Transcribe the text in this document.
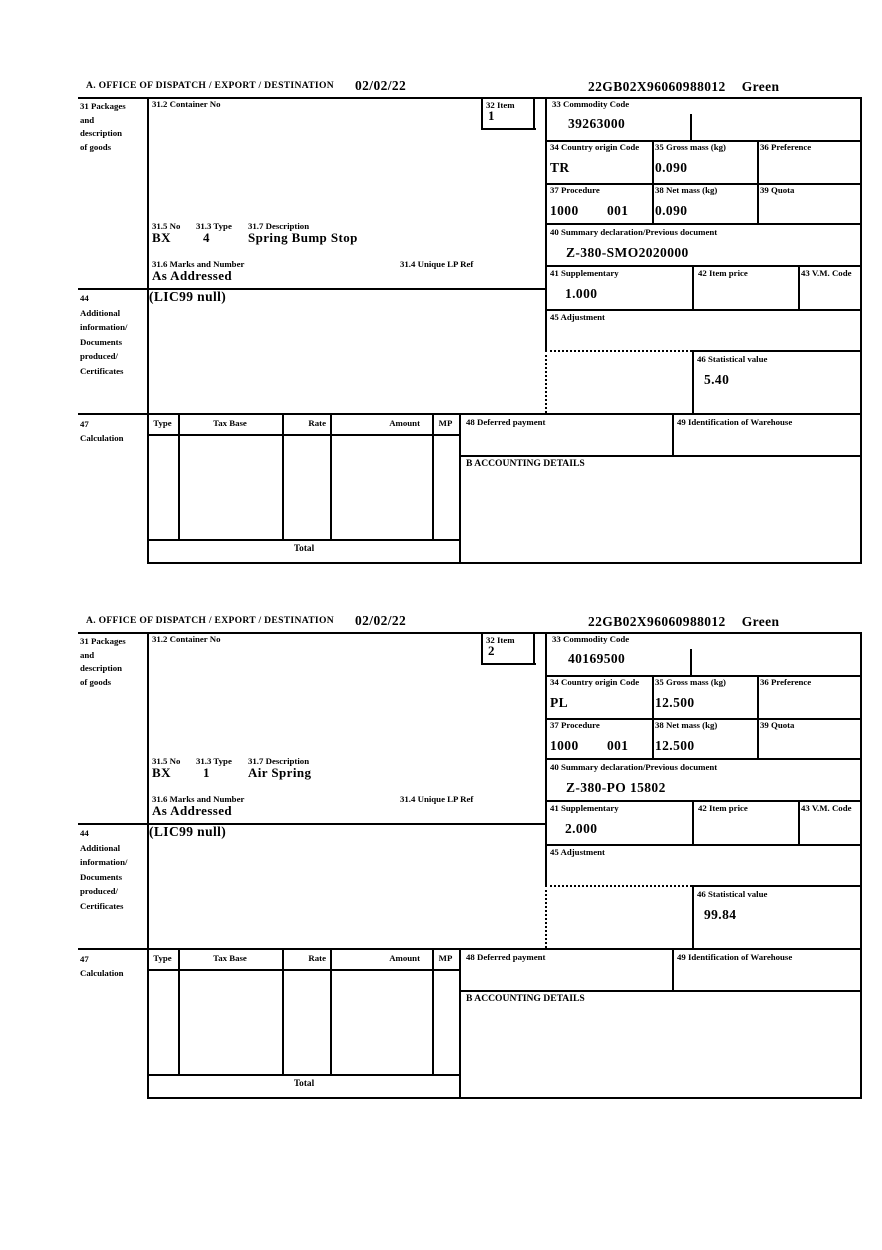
A. OFFICE OF DISPATCH / EXPORT / DESTINATION 02/02/22	22GB02X96060988012 Green
31 Packages
and
description
of goods
44
Additional
information/
Documents
produced/
Certificates
47
Calculation
31.2 Container No	32 Item
1
31.5 No 31.3 Type 31.7 Description
BX 4	Spring Bump Stop
31.6 Marks and Number	31.4 Unique LP Ref
As Addressed
(LIC99 null)
33 Commodity Code
39263000
34 Country origin Code
TR
35 Gross mass (kg)
0.090
36 Preference
37 Procedure
1000 001
38 Net mass (kg)
0.090
39 Quota
40 Summary declaration/Previous document
Z-380-SMO2020000
41 Supplementary
1.000
42 Item price	43 V.M. Code
45 Adjustment
46 Statistical value
5.40
Type	Tax Base	Rate	Amount	MP
Total
48 Deferred payment	49 Identification of Warehouse
B ACCOUNTING DETAILS
A. OFFICE OF DISPATCH / EXPORT / DESTINATION 02/02/22	22GB02X96060988012 Green
31 Packages
and
description
of goods
44
Additional
information/
Documents
produced/
Certificates
47
Calculation
31.2 Container No	32 Item
2
31.5 No 31.3 Type 31.7 Description
BX 1	Air Spring
31.6 Marks and Number	31.4 Unique LP Ref
As Addressed
(LIC99 null)
33 Commodity Code
40169500
34 Country origin Code
PL
35 Gross mass (kg)
12.500
36 Preference
37 Procedure
1000 001
38 Net mass (kg)
12.500
39 Quota
40 Summary declaration/Previous document
Z-380-PO 15802
41 Supplementary
2.000
42 Item price	43 V.M. Code
45 Adjustment
46 Statistical value
99.84
Type	Tax Base	Rate	Amount	MP
Total
48 Deferred payment	49 Identification of Warehouse
B ACCOUNTING DETAILS
